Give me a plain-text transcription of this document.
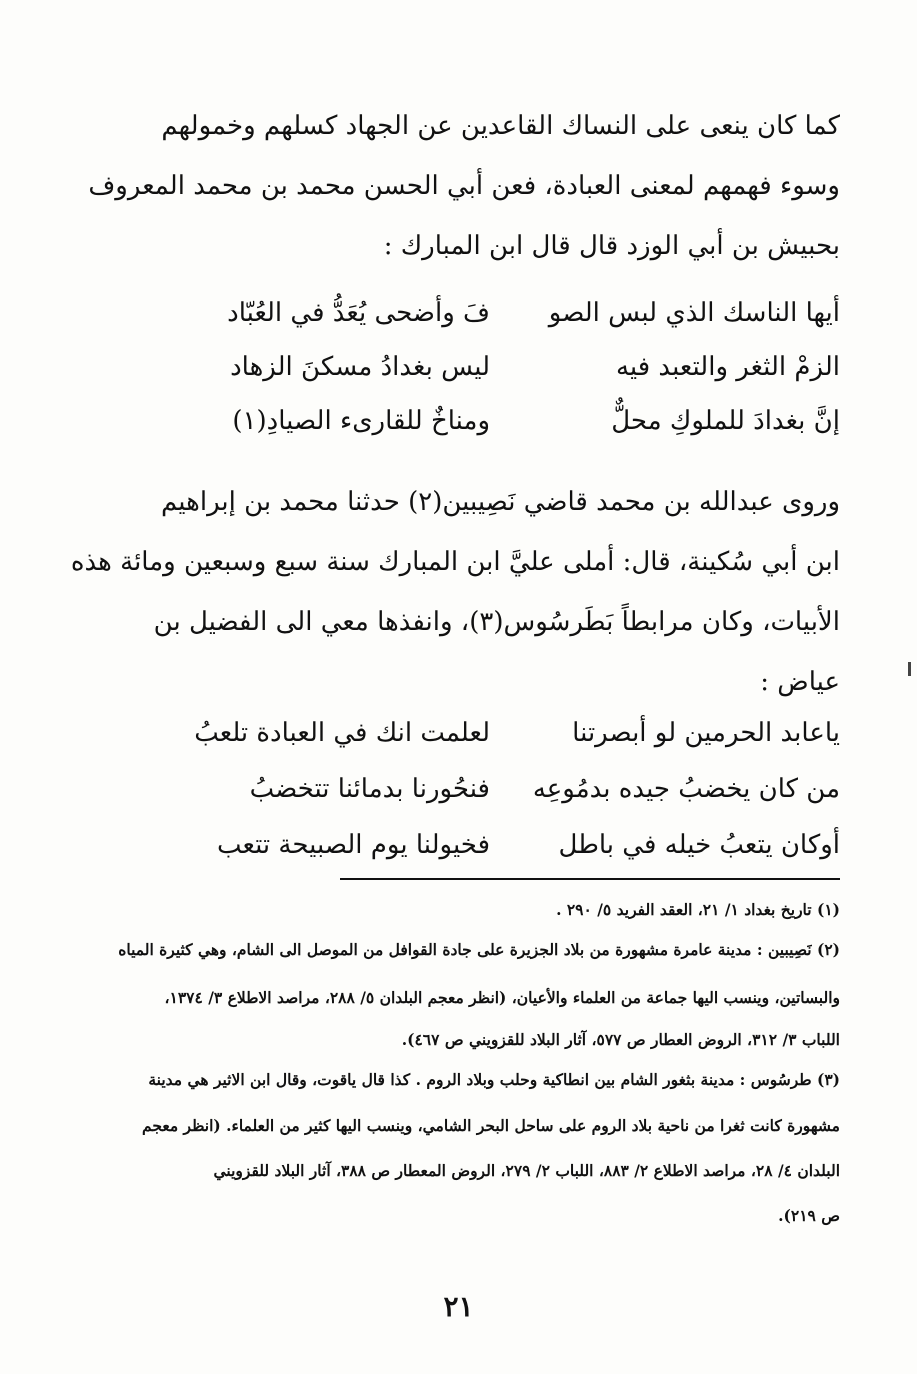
كما كان ينعى على النساك القاعدين عن الجهاد كسلهم وخمولهم
وسوء فهمهم لمعنى العبادة، فعن أبي الحسن محمد بن محمد المعروف
بحبيش بن أبي الوزد قال قال ابن المبارك :
أيها الناسك الذي لبس الصو
فَ وأضحى يُعَدُّ في العُبّاد
الزمْ الثغر والتعبد فيه
ليس بغدادُ مسكنَ الزهاد
إنَّ بغدادَ للملوكِ محلٌّ
ومناخٌ للقارىء الصيادِ(١)
وروى عبدالله بن محمد قاضي نَصِيبين(٢) حدثنا محمد بن إبراهيم
ابن أبي سُكينة، قال: أملى عليَّ ابن المبارك سنة سبع وسبعين ومائة هذه
الأبيات، وكان مرابطاً بَطَرسُوس(٣)، وانفذها معي الى الفضيل بن
عياض :
ياعابد الحرمين لو أبصرتنا
لعلمت انك في العبادة تلعبُ
من كان يخضبُ جيده بدمُوعِه
فنحُورنا بدمائنا تتخضبُ
أوكان يتعبُ خيله في باطل
فخيولنا يوم الصبيحة تتعب
(١) تاريخ بغداد ١/ ٢١، العقد الفريد ٥/ ٢٩٠ .
(٢) نَصِيبين : مدينة عامرة مشهورة من بلاد الجزيرة على جادة القوافل من الموصل الى الشام، وهي كثيرة المياه
والبساتين، وينسب اليها جماعة من العلماء والأعيان، (انظر معجم البلدان ٥/ ٢٨٨، مراصد الاطلاع ٣/ ١٣٧٤،
اللباب ٣/ ٣١٢، الروض العطار ص ٥٧٧، آثار البلاد للقزويني ص ٤٦٧).
(٣) طرسُوس : مدينة بثغور الشام بين انطاكية وحلب وبلاد الروم . كذا قال ياقوت، وقال ابن الاثير هي مدينة
مشهورة كانت ثغرا من ناحية بلاد الروم على ساحل البحر الشامي، وينسب اليها كثير من العلماء. (انظر معجم
البلدان ٤/ ٢٨، مراصد الاطلاع ٢/ ٨٨٣، اللباب ٢/ ٢٧٩، الروض المعطار ص ٣٨٨، آثار البلاد للقزويني
ص ٢١٩).
٢١
